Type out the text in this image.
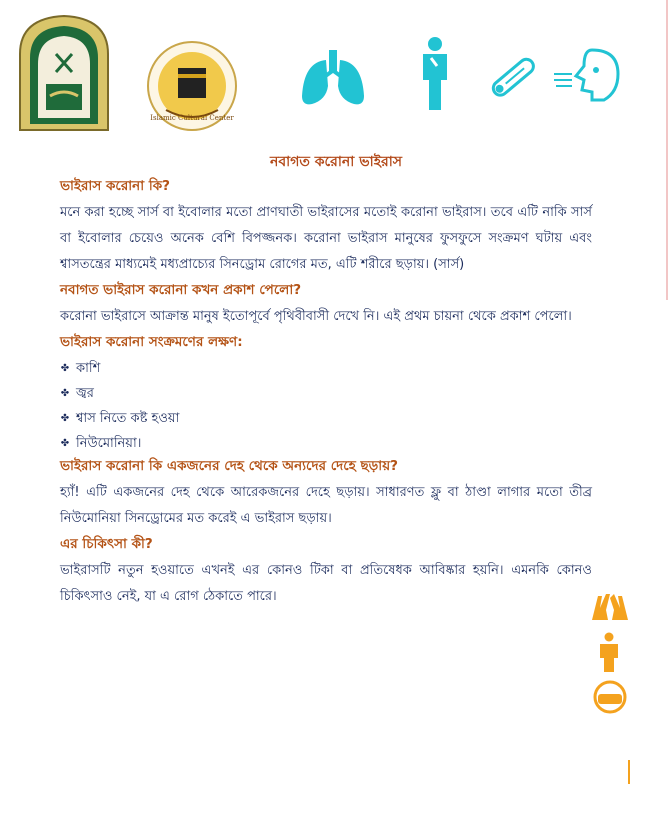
Islamic Cultural Center
নবাগত করোনা ভাইরাস
ভাইরাস করোনা কি?

মনে করা হচ্ছে সার্স বা ইবোলার মতো প্রাণঘাতী ভাইরাসের মতোই করোনা ভাইরাস। তবে এটি নাকি সার্স বা ইবোলার চেয়েও অনেক বেশি বিপজ্জনক। করোনা ভাইরাস মানুষের ফুসফুসে সংক্রমণ ঘটায় এবং শ্বাসতন্ত্রের মাধ্যমেই মধ্যপ্রাচ্যের সিনড্রোম রোগের মত, এটি শরীরে ছড়ায়। (সার্স)

নবাগত ভাইরাস করোনা কখন প্রকাশ পেলো?

করোনা ভাইরাসে আক্রান্ত মানুষ ইতোপূর্বে পৃথিবীবাসী দেখে নি। এই প্রথম চায়না থেকে প্রকাশ পেলো।

ভাইরাস করোনা সংক্রমণের লক্ষণ:
✤ কাশি
✤ জ্বর
✤ শ্বাস নিতে কষ্ট হওয়া
✤ নিউমোনিয়া।
ভাইরাস করোনা কি একজনের দেহ থেকে অন্যদের দেহে ছড়ায়?

হ্যাঁ! এটি একজনের দেহ থেকে আরেকজনের দেহে ছড়ায়। সাধারণত ফ্লু বা ঠাণ্ডা লাগার মতো তীব্র নিউমোনিয়া সিনড্রোমের মত করেই এ ভাইরাস ছড়ায়।

এর চিকিৎসা কী?

ভাইরাসটি নতুন হওয়াতে এখনই এর কোনও টিকা বা প্রতিষেধক আবিষ্কার হয়নি। এমনকি কোনও চিকিৎসাও নেই, যা এ রোগ ঠেকাতে পারে।
